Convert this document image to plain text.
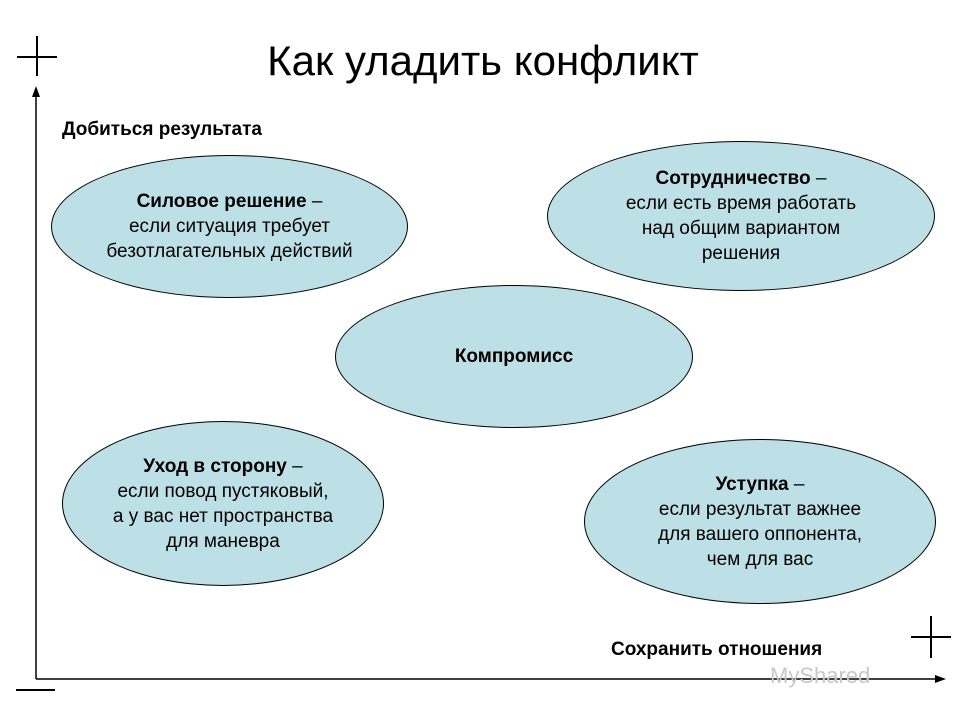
Как уладить конфликт
Добиться результата
Сохранить отношения
Силовое решение –
если ситуация требует
безотлагательных действий
Сотрудничество –
если есть время работать
над общим вариантом
решения
Компромисс
Уход в сторону –
если повод пустяковый,
а у вас нет пространства
для маневра
Уступка –
если результат важнее
для вашего оппонента,
чем для вас
MyShared
